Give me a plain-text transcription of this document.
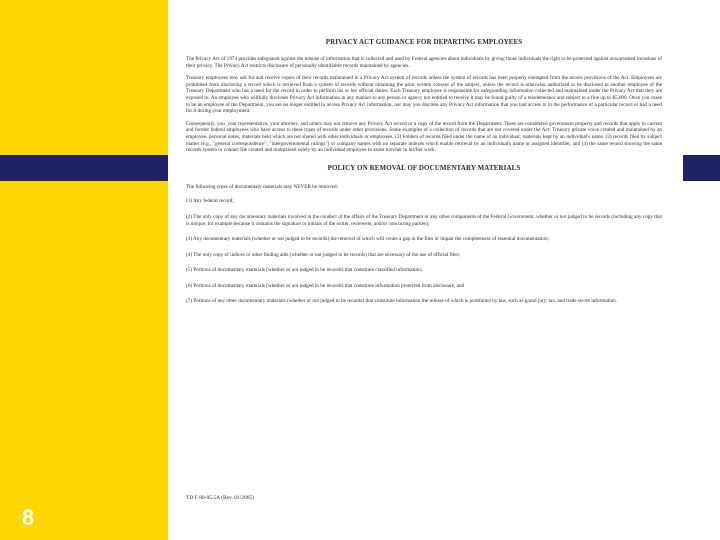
8
PRIVACY ACT GUIDANCE FOR DEPARTING EMPLOYEES

The Privacy Act of 1974 provides safeguards against the misuse of information that is collected and used by Federal agencies about individuals by giving those individuals the right to be protected against unwarranted invasions of their privacy. The Privacy Act restricts disclosure of personally identifiable records maintained by agencies.

Treasury employees may ask for and receive copies of their records maintained in a Privacy Act system of records unless the system of records has been properly exempted from the access provisions of the Act. Employees are prohibited from disclosing a record which is retrieved from a system of records without obtaining the prior written consent of the subject, unless the record is otherwise authorized to be disclosed to another employee of the Treasury Department who has a need for the record in order to perform his or her official duties. Each Treasury employee is responsible for safeguarding information collected and maintained under the Privacy Act that they are exposed to. An employee who willfully discloses Privacy Act information in any manner to any person or agency not entitled to receive it may be found guilty of a misdemeanor and subject to a fine up to $5,000. Once you cease to be an employee of the Department, you are no longer entitled to access Privacy Act information, nor may you disclose any Privacy Act information that you had access to in the performance of a particular record or had a need for it during your employment.

Consequently, you, your representative, your attorney, and others may not remove any Privacy Act record or a copy of the record from the Department. These are considered government property and records that apply to current and former federal employees who have access to these types of records under other provisions. Some examples of a collection of records that are not covered under the Act: Treasury private voice created and maintained by an employee, personal notes, materials held which are not shared with other individuals or employees. (2) Folders of records filed under the name of an individual, materials kept by an individual's name. (3) records filed by subject matter (e.g., "general correspondence", "intergovernmental rulings") or company names with no separate indexes which enable retrieval by an individual's name or assigned identifier, and (4) the same record showing the same records system or contact file created and maintained solely by an individual employee to assist him/her in his/her work.

POLICY ON REMOVAL OF DOCUMENTARY MATERIALS

The following types of documentary materials may NEVER be removed:

(1) Any federal record;

(2) The only copy of any documentary materials involved in the conduct of the affairs of the Treasury Department or any other components of the Federal Government, whether or not judged to be records (including any copy that is unique, for example because it contains the signature or initials of the writer, reviewers, and/or concurring parties);

(3) Any documentary materials (whether or not judged to be records) the removal of which will create a gap in the files or impair the completeness of essential documentation;

(4) The only copy of indices or other finding aids (whether or not judged to be records) that are necessary of the use of official files;

(5) Portions of documentary materials (whether or not judged to be records) that constitute classified information;

(6) Portions of documentary materials (whether or not judged to be records) that constitute information protected from disclosure, and

(7) Portions of any other documentary materials (whether or not judged to be records) that constitute information the release of which is prohibited by law, such as grand jury, tax, and trade secret information.

TD F 80-05.5A (Rev. 01/2005)
